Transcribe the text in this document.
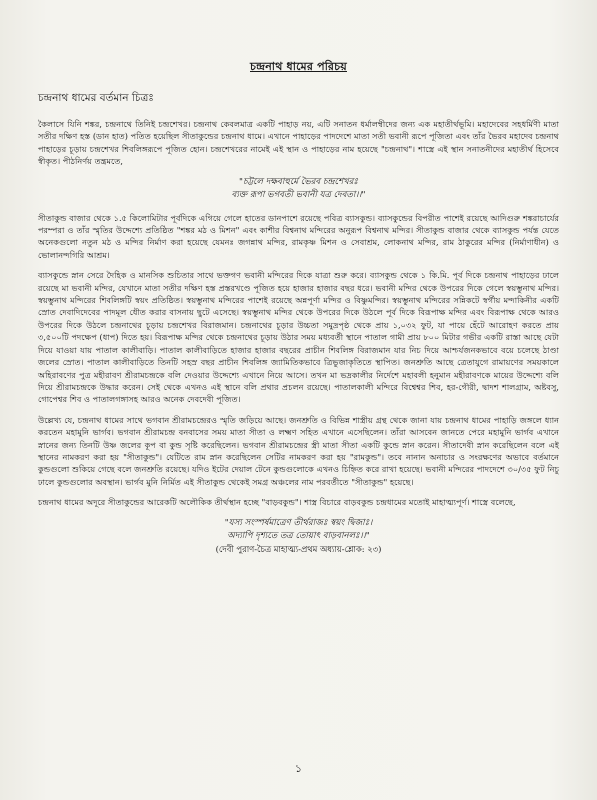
চন্দ্রনাথ ধামের পরিচয়
চন্দ্রনাথ ধামের বর্তমান চিত্রঃ

কৈলাসে যিনি শঙ্কর, চন্দ্রনাথে তিনিই চন্দ্রশেখর। চন্দ্রনাথ কেবলমাত্র একটি পাহাড় নয়, এটি সনাতন ধর্মালম্বীদের জন্য এক মহাতীর্থভূমি। মহাদেবের সহধর্মিণী মাতা সতীর দক্ষিণ হস্ত (ডান হাত) পতিত হয়েছিল সীতাকুন্ডের চন্দ্রনাথ ধামে। এখানে পাহাড়ের পাদদেশে মাতা সতী ভবানী রূপে পূজিতা এবং তাঁর ভৈরব মহাদেব চন্দ্রনাথ পাহাড়ের চূড়ায় চন্দ্রশেখর শিবলিঙ্গরূপে পূজিত হোন। চন্দ্রশেখরের নামেই এই স্থান ও পাহাড়ের নাম হয়েছে "চন্দ্রনাথ"। শাস্ত্রে এই স্থান সনাতনীদের মহাতীর্থ হিসেবে স্বীকৃত। পীঠনির্ণয় তন্ত্রমতে,

"চট্টলে দক্ষবাহুর্মে ভৈরব চন্দ্রশেখরঃ
ব্যক্ত রূপা ভগবতী ভবানী যত্র দেবতা।।"

সীতাকুন্ড বাজার থেকে ১.৫ কিলোমিটার পূর্বদিকে এগিয়ে গেলে হাতের ডানপাশে রয়েছে পবিত্র ব্যাসকুন্ড। ব্যাসকুন্ডের বিপরীত পাশেই রয়েছে আদিগুরু শঙ্করাচার্যের পরম্পরা ও তাঁর স্মৃতির উদ্দেশ্যে প্রতিষ্ঠিত "শঙ্কর মঠ ও মিশন" এবং কাশীর বিশ্বনাথ মন্দিরের অনুরূপ বিশ্বনাথ মন্দির। সীতাকুন্ড বাজার থেকে ব্যাসকুন্ড পর্যন্ত যেতে অনেকগুলো নতুন মঠ ও মন্দির নির্মাণ করা হয়েছে যেমনঃ জগন্নাথ মন্দির, রামকৃষ্ণ মিশন ও সেবাশ্রম, লোকনাথ মন্দির, রাম ঠাকুরের মন্দির (নির্মাণাধীন) ও ভোলানন্দগিরি আশ্রম।

ব্যাসকুন্ডে স্নান সেরে দৈহিক ও মানসিক শুচিতার সাথে ভক্তগণ ভবানী মন্দিরের দিকে যাত্রা শুরু করে। ব্যাসকুন্ড থেকে ১ কি.মি. পূর্ব দিকে চন্দ্রনাথ পাহাড়ের ঢালে রয়েছে মা ভবানী মন্দির, যেখানে মাতা সতীর দক্ষিণ হস্ত প্রস্তরখণ্ডে পূজিত হয়ে হাজার হাজার বছর ধরে। ভবানী মন্দির থেকে উপরের দিকে গেলে স্বয়ম্ভুনাথ মন্দির। স্বয়ম্ভুনাথ মন্দিরের শিবলিঙ্গটি স্বয়ং প্রতিষ্ঠিত। স্বয়ম্ভুনাথ মন্দিরের পাশেই রয়েছে অন্নপূর্ণা মন্দির ও বিষ্ণুমন্দির। স্বয়ম্ভুনাথ মন্দিরের সন্নিকটে স্বর্গীয় মন্দাকিনীর একটি স্রোত দেবাদিদেবের পাদমূল ধৌত করার বাসনায় ছুটে এসেছে। স্বয়ম্ভুনাথ মন্দির থেকে উপরের দিকে উঠলে পূর্ব দিকে বিরূপাক্ষ মন্দির এবং বিরূপাক্ষ থেকে আরও উপরের দিকে উঠলে চন্দ্রনাথের চূড়ায় চন্দ্রশেখর বিরাজমান। চন্দ্রনাথের চূড়ার উচ্চতা সমুদ্রপৃষ্ঠ থেকে প্রায় ১,০৩২ ফুট, যা পায়ে হেঁটে আরোহণ করতে প্রায় ৩,৫০০টি পদক্ষেপ (ধাপ) দিতে হয়। বিরূপাক্ষ মন্দির থেকে চন্দ্রনাথের চূড়ায় উঠার সময় মধ্যবর্তী স্থানে পাতাল গামী প্রায় ৮০০ মিটার গভীর একটি রাস্তা আছে যেটা দিয়ে যাওয়া যায় পাতাল কালীবাড়ি। পাতাল কালীবাড়িতে হাজার হাজার বছরের প্রাচীন শিবলিঙ্গ বিরাজমান যার নিচ দিয়ে আশ্চর্যজনকভাবে বয়ে চলেছে ঠাণ্ডা জলের স্রোত। পাতাল কালীবাড়িতে তিনটি সহস্র বছর প্রাচীন শিবলিঙ্গ জ্যামিতিকভাবে ত্রিভুজাকৃতিতে স্থাপিত। জনশ্রুতি আছে ত্রেতাযুগে রামায়ণের সময়কালে অহিরাবণের পুত্র মহীরাবণ শ্রীরামচন্দ্রকে বলি দেওয়ার উদ্দেশ্যে এখানে নিয়ে আসে। তখন মা ভদ্রকালীর নির্দেশে মহাবলী হনুমান মহীরাবণকে মায়ের উদ্দেশ্যে বলি দিয়ে শ্রীরামচন্দ্রকে উদ্ধার করেন। সেই থেকে এখনও এই স্থানে বলি প্রথার প্রচলন রয়েছে। পাতালকালী মন্দিরে বিশ্বেশ্বর শিব, হর-গৌরী, দ্বাদশ শালগ্রাম, অষ্টবসু, গোপেশ্বর শিব ও পাতালগঙ্গাসহ আরও অনেক দেবদেবী পূজিত।

উল্লেখ্য যে, চন্দ্রনাথ ধামের সাথে ভগবান শ্রীরামচন্দ্রেরও স্মৃতি জড়িয়ে আছে। জনশ্রুতি ও বিভিন্ন শাস্ত্রীয় গ্রন্থ থেকে জানা যায় চন্দ্রনাথ ধামের পাহাড়ি জঙ্গলে ধ্যান করতেন মহামুনি ভার্গব। ভগবান শ্রীরামচন্দ্র বনবাসের সময় মাতা সীতা ও লক্ষ্মণ সহিত এখানে এসেছিলেন। তাঁরা আসবেন জানতে পেরে মহামুনি ভার্গব এখানে স্নানের জন্য তিনটি উষ্ণ জলের কূপ বা কুন্ড সৃষ্টি করেছিলেন। ভগবান শ্রীরামচন্দ্রের স্ত্রী মাতা সীতা একটি কুন্ডে স্নান করেন। সীতাদেবী স্নান করেছিলেন বলে এই স্থানের নামকরণ করা হয় "সীতাকুন্ড"। যেটিতে রাম স্নান করেছিলেন সেটির নামকরণ করা হয় "রামকুন্ড"। তবে নানান অনাচার ও সংরক্ষণের অভাবে বর্তমানে কুন্ডগুলো শুকিয়ে গেছে বলে জনশ্রুতি রয়েছে। যদিও ইটের দেয়াল টেনে কুন্ডগুলোকে এখনও চিহ্নিত করে রাখা হয়েছে। ভবানী মন্দিরের পাদদেশে ৩০/৩৫ ফুট নিচু ঢালে কুন্ডগুলোর অবস্থান। ভার্গব মুনি নির্মিত এই সীতাকুন্ড থেকেই সমগ্র অঞ্চলের নাম পরবর্তীতে "সীতাকুন্ড" হয়েছে।

চন্দ্রনাথ ধামের অদূরে সীতাকুন্ডের আরেকটি অলৌকিক তীর্থস্থান হচ্ছে "বাড়বকুন্ড"। শাস্ত্র বিচারে বাড়বকুন্ড চন্দ্রধামের মতোই মাহাত্ম্যপূর্ণ। শাস্ত্রে বলেছে,

"যস্য সংস্পর্ষমাত্রেণ তীর্থরাজঃ স্বয়ং দ্বিজাঃ।
অদ্যাপি দৃশ্যতে তত্র তোয়াৎ বাড়বানলঃ।।"
(দেবী পুরাণ-চৈত্র মাহাত্ম্য-প্রথম অধ্যায়-শ্লোক: ২৩)
১
